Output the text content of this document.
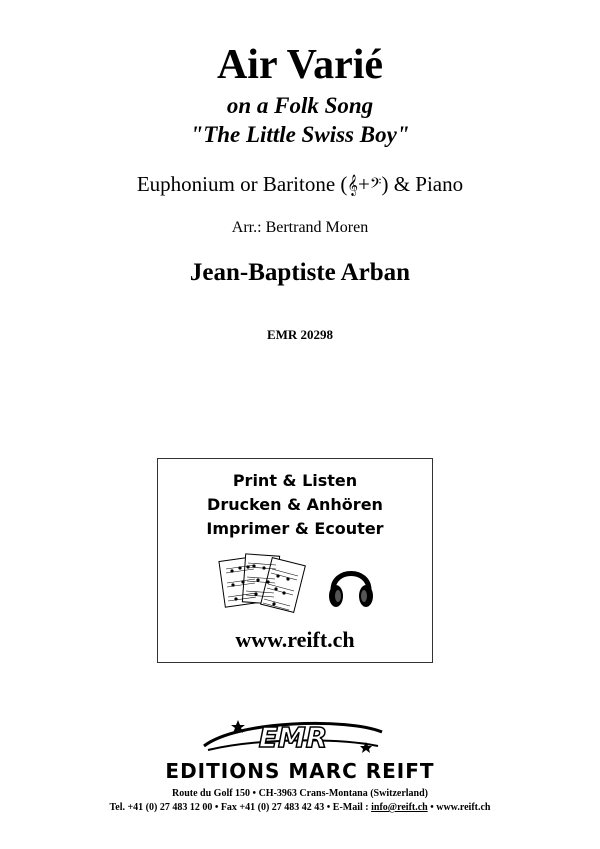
Air Varié
on a Folk Song
"The Little Swiss Boy"
Euphonium or Baritone (𝄞+𝄢) & Piano
Arr.: Bertrand Moren
Jean-Baptiste Arban
EMR 20298
Print & Listen
Drucken & Anhören
Imprimer & Ecouter
www.reift.ch
EMR
EDITIONS MARC REIFT
Route du Golf 150 • CH-3963 Crans-Montana (Switzerland)
Tel. +41 (0) 27 483 12 00 • Fax +41 (0) 27 483 42 43 • E-Mail : info@reift.ch • www.reift.ch
